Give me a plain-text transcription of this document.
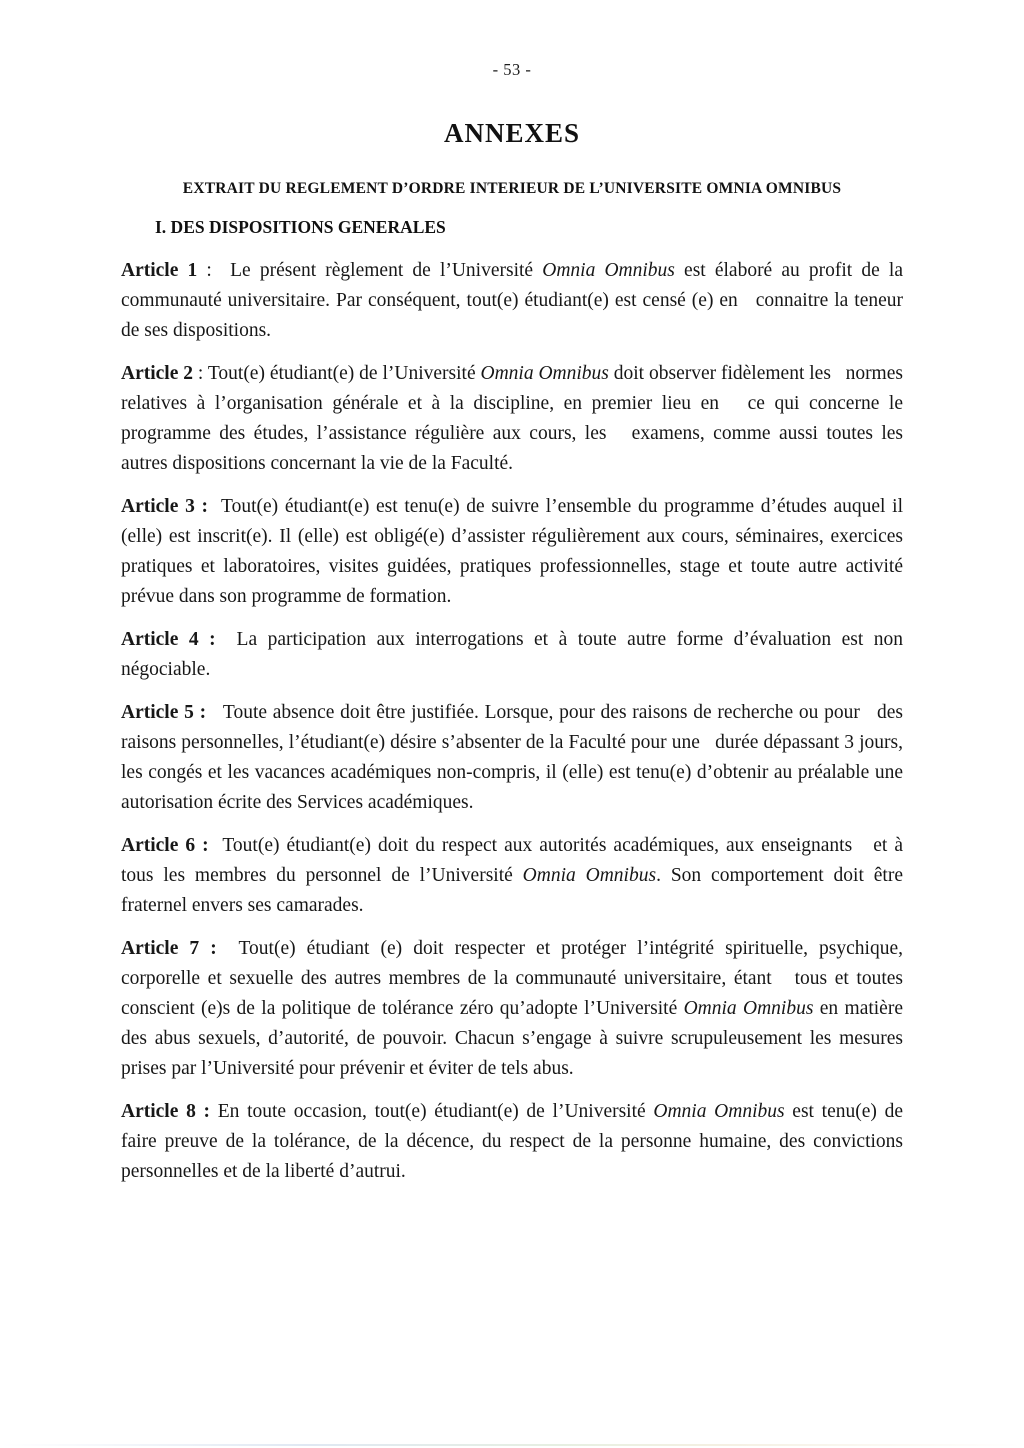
- 53 -
ANNEXES
EXTRAIT DU REGLEMENT D’ORDRE INTERIEUR DE L’UNIVERSITE OMNIA OMNIBUS
I. DES DISPOSITIONS GENERALES

Article 1 :  Le présent règlement de l’Université Omnia Omnibus est élaboré au profit de la communauté universitaire. Par conséquent, tout(e) étudiant(e) est censé (e) en   connaitre la teneur de ses dispositions.

Article 2 : Tout(e) étudiant(e) de l’Université Omnia Omnibus doit observer fidèlement les   normes relatives à l’organisation générale et à la discipline, en premier lieu en   ce qui concerne le programme des études, l’assistance régulière aux cours, les   examens, comme aussi toutes les autres dispositions concernant la vie de la Faculté.

Article 3 :  Tout(e) étudiant(e) est tenu(e) de suivre l’ensemble du programme d’études auquel il (elle) est inscrit(e). Il (elle) est obligé(e) d’assister régulièrement aux cours, séminaires, exercices pratiques et laboratoires, visites guidées, pratiques professionnelles, stage et toute autre activité prévue dans son programme de formation.

Article 4 :  La participation aux interrogations et à toute autre forme d’évaluation est non négociable.

Article 5 :   Toute absence doit être justifiée. Lorsque, pour des raisons de recherche ou pour   des raisons personnelles, l’étudiant(e) désire s’absenter de la Faculté pour une   durée dépassant 3 jours, les congés et les vacances académiques non-compris, il (elle) est tenu(e) d’obtenir au préalable une autorisation écrite des Services académiques.

Article 6 :  Tout(e) étudiant(e) doit du respect aux autorités académiques, aux enseignants   et à tous les membres du personnel de l’Université Omnia Omnibus. Son comportement doit être fraternel envers ses camarades.

Article 7 :  Tout(e) étudiant (e) doit respecter et protéger l’intégrité spirituelle, psychique, corporelle et sexuelle des autres membres de la communauté universitaire, étant   tous et toutes conscient (e)s de la politique de tolérance zéro qu’adopte l’Université Omnia Omnibus en matière des abus sexuels, d’autorité, de pouvoir. Chacun s’engage à suivre scrupuleusement les mesures prises par l’Université pour prévenir et éviter de tels abus.

Article 8 : En toute occasion, tout(e) étudiant(e) de l’Université Omnia Omnibus est tenu(e) de faire preuve de la tolérance, de la décence, du respect de la personne humaine, des convictions personnelles et de la liberté d’autrui.
